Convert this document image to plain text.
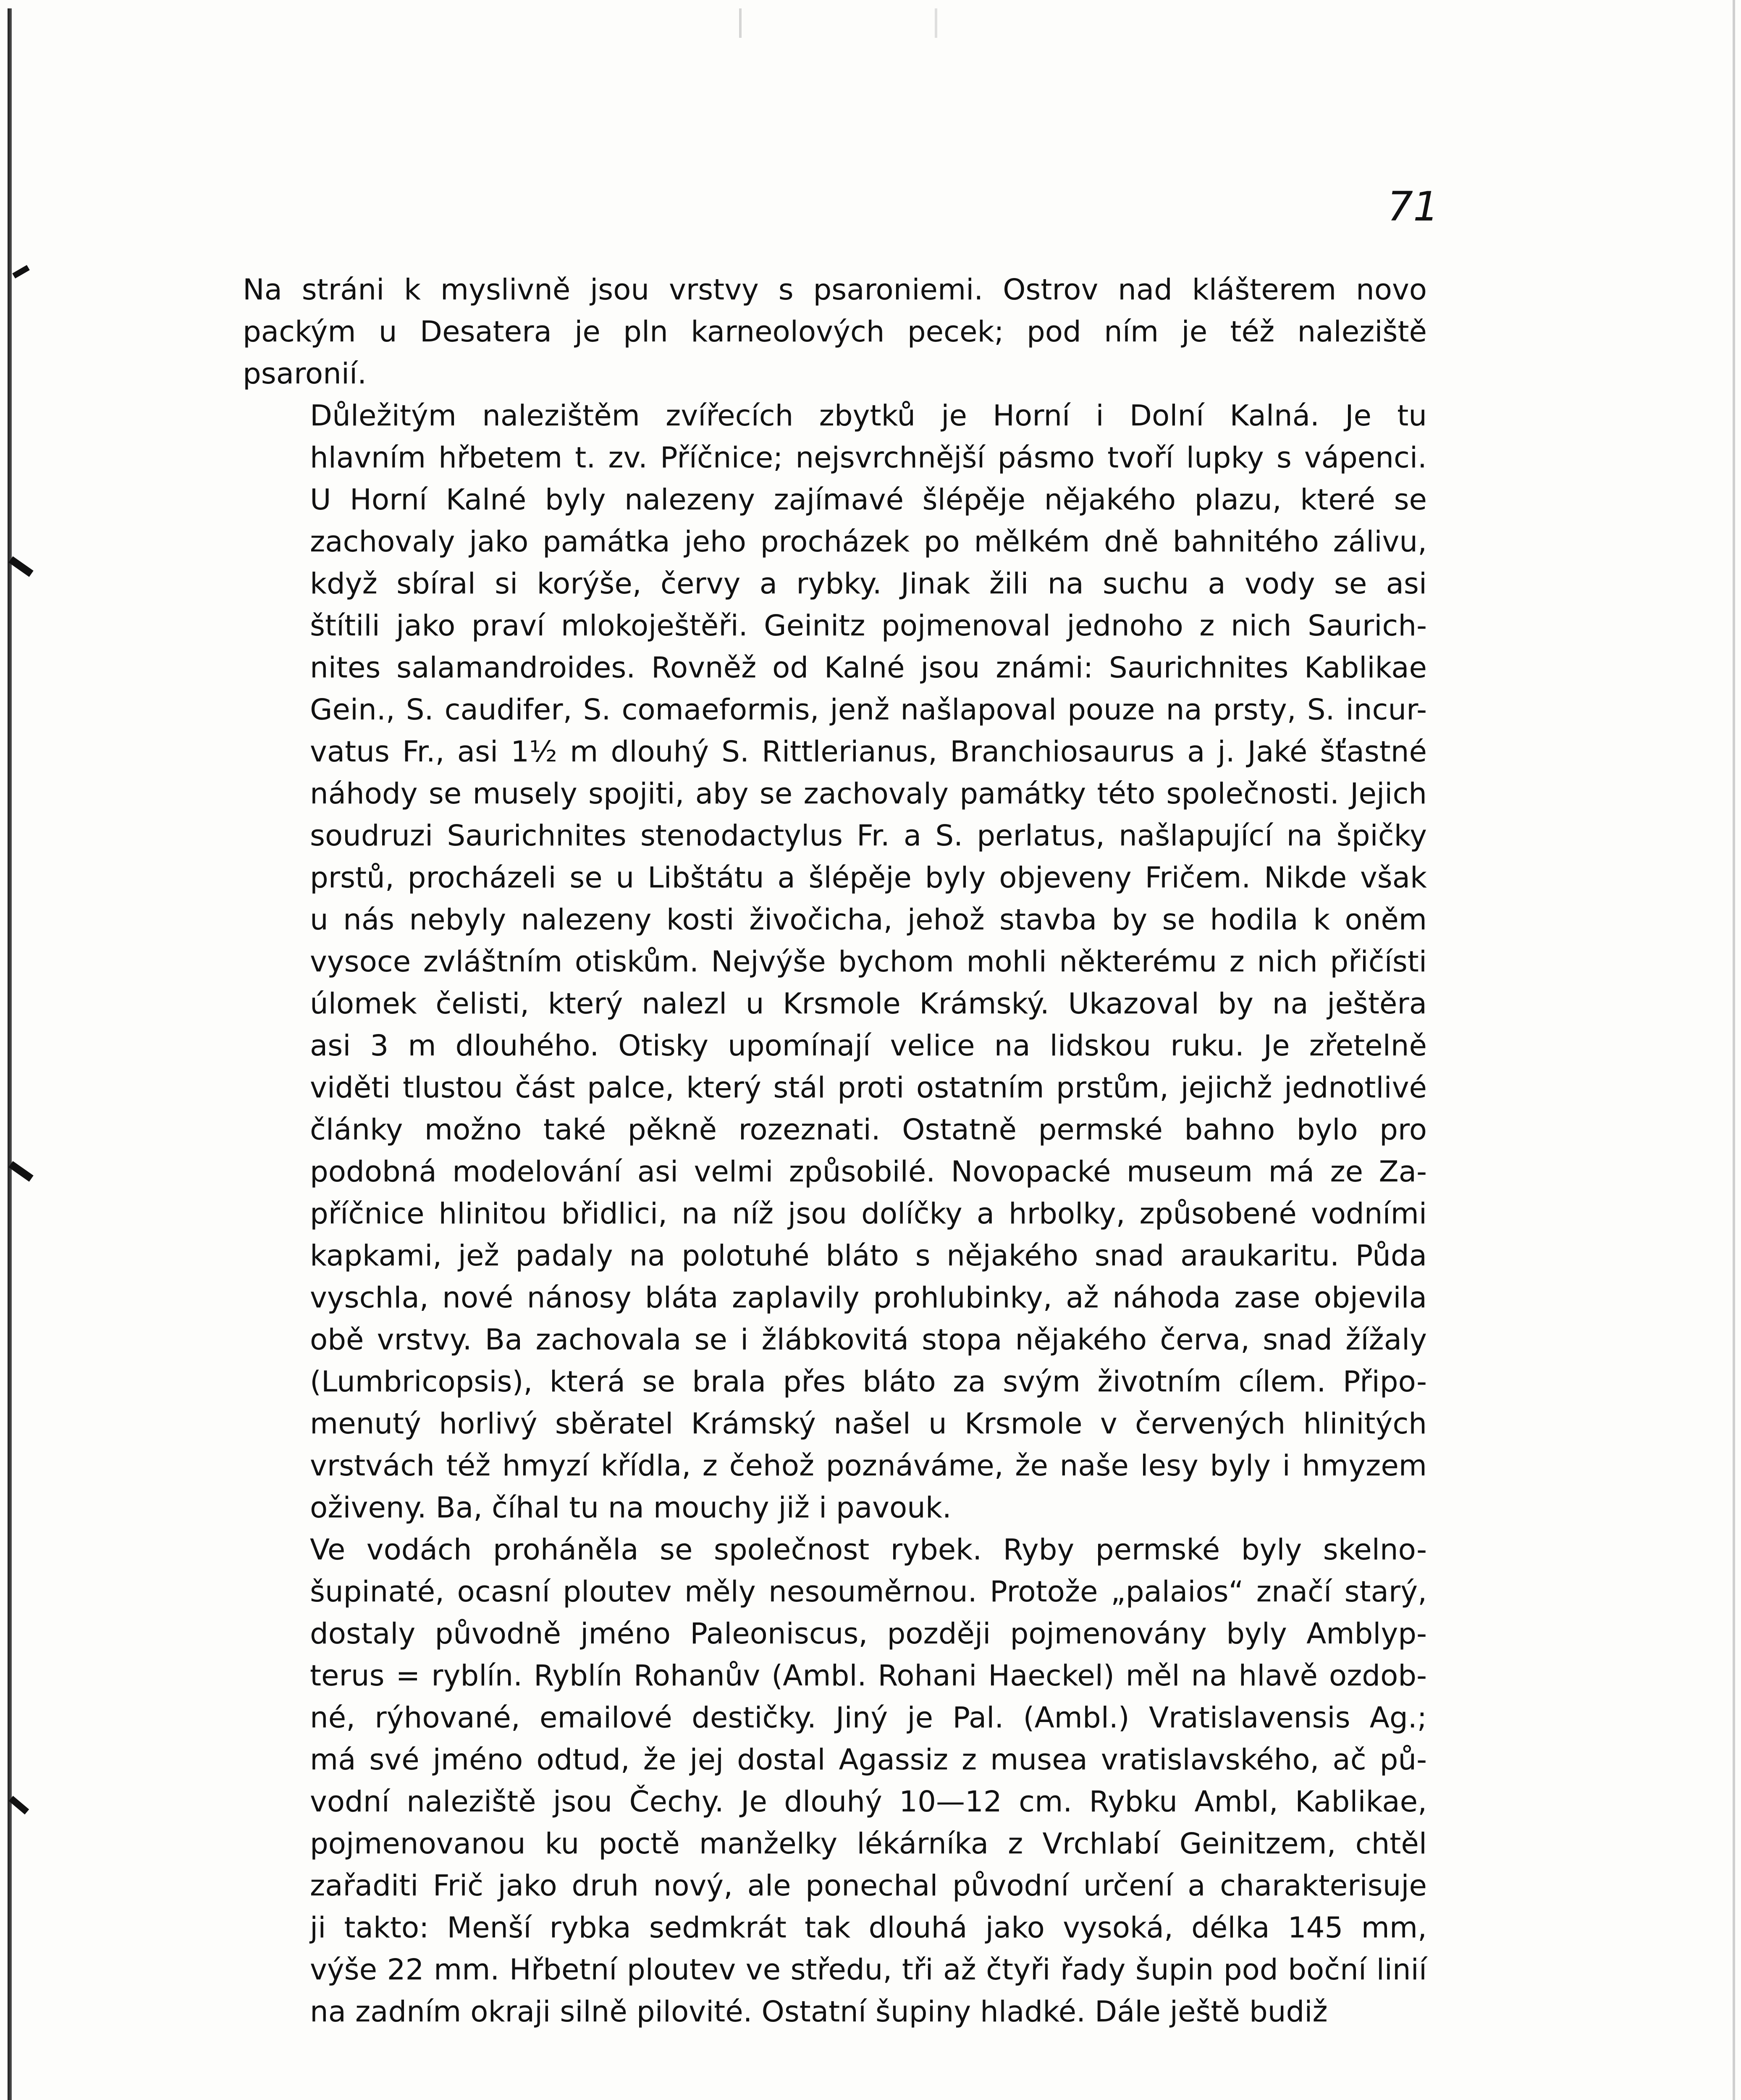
71
Na stráni k myslivně jsou vrstvy s psaroniemi. Ostrov nad klášterem novo
packým u Desatera je pln karneolových pecek; pod ním je též naleziště
psaronií.
Důležitým nalezištěm zvířecích zbytků je Horní i Dolní Kalná. Je tu
hlavním hřbetem t. zv. Příčnice; nejsvrchnější pásmo tvoří lupky s vápenci.
U Horní Kalné byly nalezeny zajímavé šlépěje nějakého plazu, které se
zachovaly jako památka jeho procházek po mělkém dně bahnitého zálivu,
když sbíral si korýše, červy a rybky. Jinak žili na suchu a vody se asi
štítili jako praví mlokoještěři. Geinitz pojmenoval jednoho z nich Saurich-
nites salamandroides. Rovněž od Kalné jsou známi: Saurichnites Kablikae
Gein., S. caudifer, S. comaeformis, jenž našlapoval pouze na prsty, S. incur-
vatus Fr., asi 1½ m dlouhý S. Rittlerianus, Branchiosaurus a j. Jaké šťastné
náhody se musely spojiti, aby se zachovaly památky této společnosti. Jejich
soudruzi Saurichnites stenodactylus Fr. a S. perlatus, našlapující na špičky
prstů, procházeli se u Libštátu a šlépěje byly objeveny Fričem. Nikde však
u nás nebyly nalezeny kosti živočicha, jehož stavba by se hodila k oněm
vysoce zvláštním otiskům. Nejvýše bychom mohli některému z nich přičísti
úlomek čelisti, který nalezl u Krsmole Krámský. Ukazoval by na ještěra
asi 3 m dlouhého. Otisky upomínají velice na lidskou ruku. Je zřetelně
viděti tlustou část palce, který stál proti ostatním prstům, jejichž jednotlivé
články možno také pěkně rozeznati. Ostatně permské bahno bylo pro
podobná modelování asi velmi způsobilé. Novopacké museum má ze Za-
příčnice hlinitou břidlici, na níž jsou dolíčky a hrbolky, způsobené vodními
kapkami, jež padaly na polotuhé bláto s nějakého snad araukaritu. Půda
vyschla, nové nánosy bláta zaplavily prohlubinky, až náhoda zase objevila
obě vrstvy. Ba zachovala se i žlábkovitá stopa nějakého červa, snad žížaly
(Lumbricopsis), která se brala přes bláto za svým životním cílem. Připo-
menutý horlivý sběratel Krámský našel u Krsmole v červených hlinitých
vrstvách též hmyzí křídla, z čehož poznáváme, že naše lesy byly i hmyzem
oživeny. Ba, číhal tu na mouchy již i pavouk.
Ve vodách proháněla se společnost rybek. Ryby permské byly skelno-
šupinaté, ocasní ploutev měly nesouměrnou. Protože „palaios“ značí starý,
dostaly původně jméno Paleoniscus, později pojmenovány byly Amblyp-
terus = ryblín. Ryblín Rohanův (Ambl. Rohani Haeckel) měl na hlavě ozdob-
né, rýhované, emailové destičky. Jiný je Pal. (Ambl.) Vratislavensis Ag.;
má své jméno odtud, že jej dostal Agassiz z musea vratislavského, ač pů-
vodní naleziště jsou Čechy. Je dlouhý 10—12 cm. Rybku Ambl, Kablikae,
pojmenovanou ku poctě manželky lékárníka z Vrchlabí Geinitzem, chtěl
zařaditi Frič jako druh nový, ale ponechal původní určení a charakterisuje
ji takto: Menší rybka sedmkrát tak dlouhá jako vysoká, délka 145 mm,
výše 22 mm. Hřbetní ploutev ve středu, tři až čtyři řady šupin pod boční linií
na zadním okraji silně pilovité. Ostatní šupiny hladké. Dále ještě budiž
